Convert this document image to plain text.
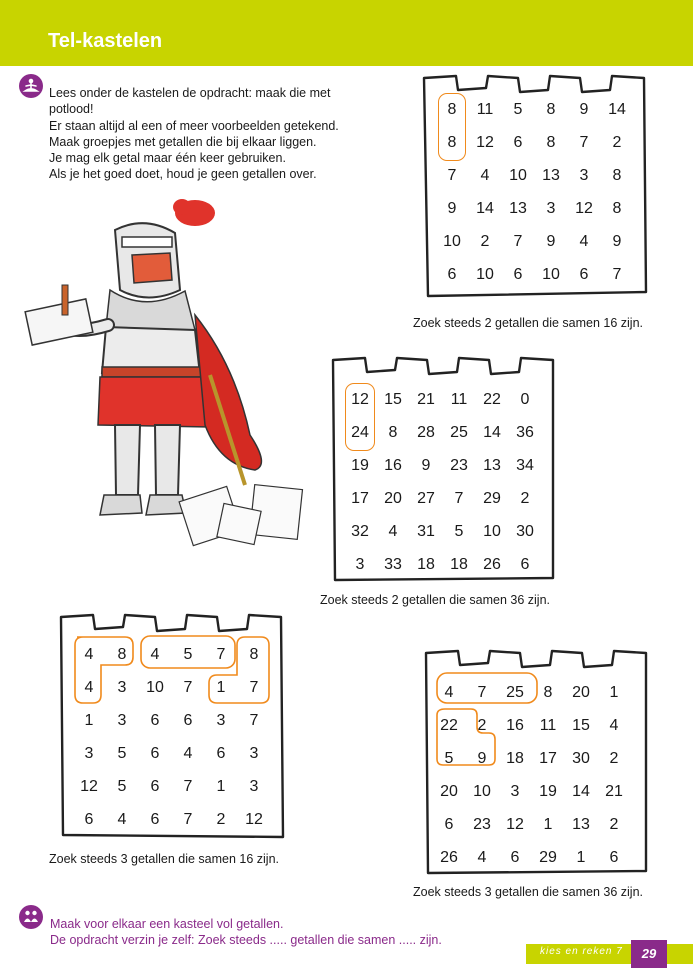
Tel-kastelen
Lees onder de kastelen de opdracht: maak die met
potlood!
Er staan altijd al een of meer voorbeelden getekend.
Maak groepjes met getallen die bij elkaar liggen.
Je mag elk getal maar één keer gebruiken.
Als je het goed doet, houd je geen getallen over.
8	11	5	8	9	14
8	12	6	8	7	2
7	4	10 13	3	8
9	14 13	3	12	8
10	2	7	9	4	9
6	10	6	10	6	7
Zoek steeds 2 getallen die samen 16 zijn.
12 15 21 11 22	0
24	8	28 25 14 36
19 16	9	23 13 34
17 20 27	7	29	2
32	4	31	5	10 30
3	33 18 18 26	6
Zoek steeds 2 getallen die samen 36 zijn.
4	8	4	5	7	8
4	3	10	7	1	7
1	3	6	6	3	7
3	5	6	4	6	3
12	5	6	7	1	3
6	4	6	7	2	12
Zoek steeds 3 getallen die samen 16 zijn.
4	7	25	8	20	1
22	2	16 11 15	4
5	9	18 17 30	2
20 10	3	19 14 21
6	23 12	1	13	2
26	4	6	29	1	6
Zoek steeds 3 getallen die samen 36 zijn.
Maak voor elkaar een kasteel vol getallen.
De opdracht verzin je zelf: Zoek steeds ..... getallen die samen ..... zijn.
kies en reken 7	29
